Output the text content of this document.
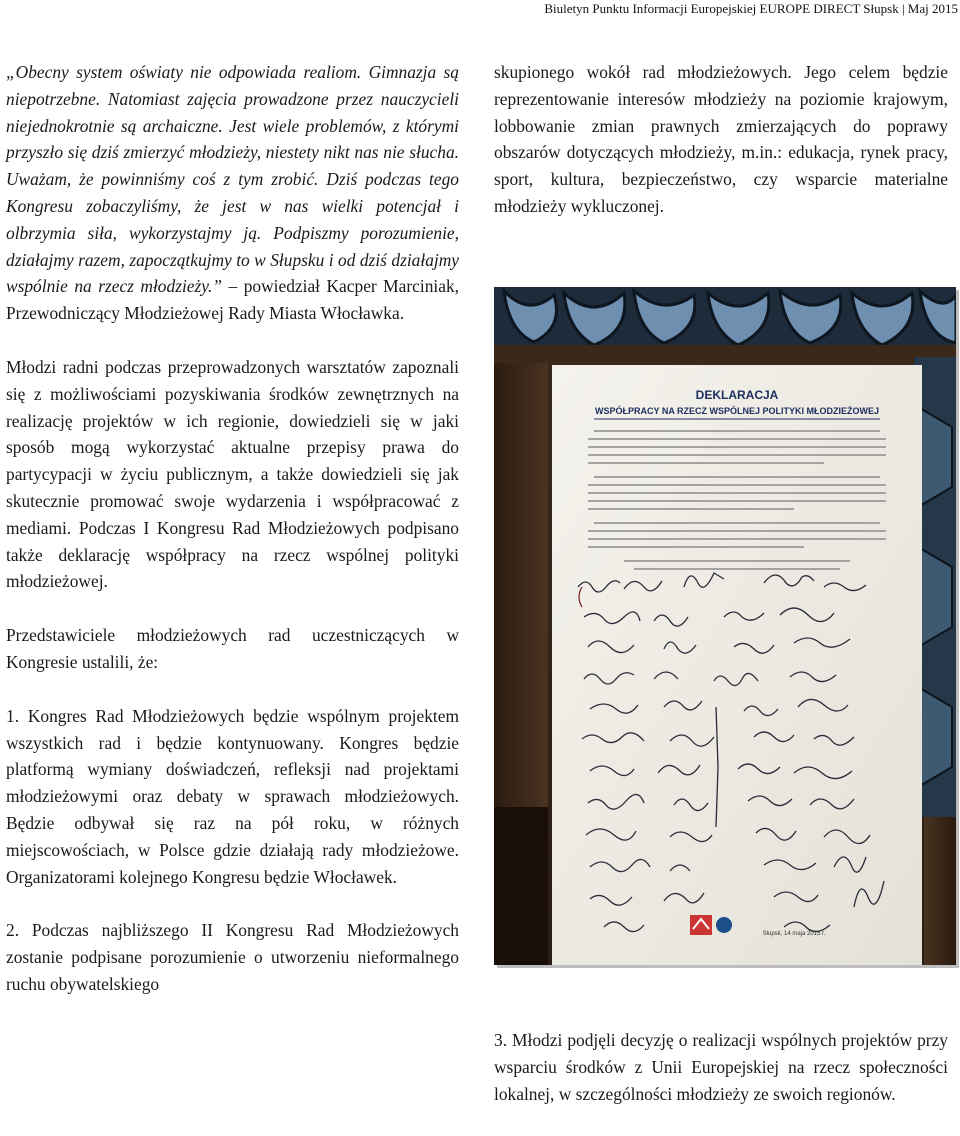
Biuletyn Punktu Informacji Europejskiej EUROPE DIRECT Słupsk | Maj 2015

„Obecny system oświaty nie odpowiada realiom. Gimnazja są niepotrzebne. Natomiast zajęcia prowadzone przez nauczycieli niejednokrotnie są archaiczne. Jest wiele problemów, z którymi przyszło się dziś zmierzyć młodzieży, niestety nikt nas nie słucha. Uważam, że powinniśmy coś z tym zrobić. Dziś podczas tego Kongresu zobaczyliśmy, że jest w nas wielki potencjał i olbrzymia siła, wykorzystajmy ją. Podpiszmy porozumienie, działajmy razem, zapoczątkujmy to w Słupsku i od dziś działajmy wspólnie na rzecz młodzieży.” – powiedział Kacper Marciniak, Przewodniczący Młodzieżowej Rady Miasta Włocławka.

Młodzi radni podczas przeprowadzonych warsztatów zapoznali się z możliwościami pozyskiwania środków zewnętrznych na realizację projektów w ich regionie, dowiedzieli się w jaki sposób mogą wykorzystać aktualne przepisy prawa do partycypacji w życiu publicznym, a także dowiedzieli się jak skutecznie promować swoje wydarzenia i współpracować z mediami. Podczas I Kongresu Rad Młodzieżowych podpisano także deklarację współpracy na rzecz wspólnej polityki młodzieżowej.

Przedstawiciele młodzieżowych rad uczestniczących w Kongresie ustalili, że:

1. Kongres Rad Młodzieżowych będzie wspólnym projektem wszystkich rad i będzie kontynuowany. Kongres będzie platformą wymiany doświadczeń, refleksji nad projektami młodzieżowymi oraz debaty w sprawach młodzieżowych. Będzie odbywał się raz na pół roku, w różnych miejscowościach, w Polsce gdzie działają rady młodzieżowe. Organizatorami kolejnego Kongresu będzie Włocławek.

2. Podczas najbliższego II Kongresu Rad Młodzieżowych zostanie podpisane porozumienie o utworzeniu nieformalnego ruchu obywatelskiego

skupionego wokół rad młodzieżowych. Jego celem będzie reprezentowanie interesów młodzieży na poziomie krajowym, lobbowanie zmian prawnych zmierzających do poprawy obszarów dotyczących młodzieży, m.in.: edukacja, rynek pracy, sport, kultura, bezpieczeństwo, czy wsparcie materialne młodzieży wykluczonej.

DEKLARACJA
WSPÓŁPRACY NA RZECZ WSPÓLNEJ POLITYKI MŁODZIEŻOWEJ
Słupsk, 14 maja 2015 r.

3. Młodzi podjęli decyzję o realizacji wspólnych projektów przy wsparciu środków z Unii Europejskiej na rzecz społeczności lokalnej, w szczególności młodzieży ze swoich regionów.
